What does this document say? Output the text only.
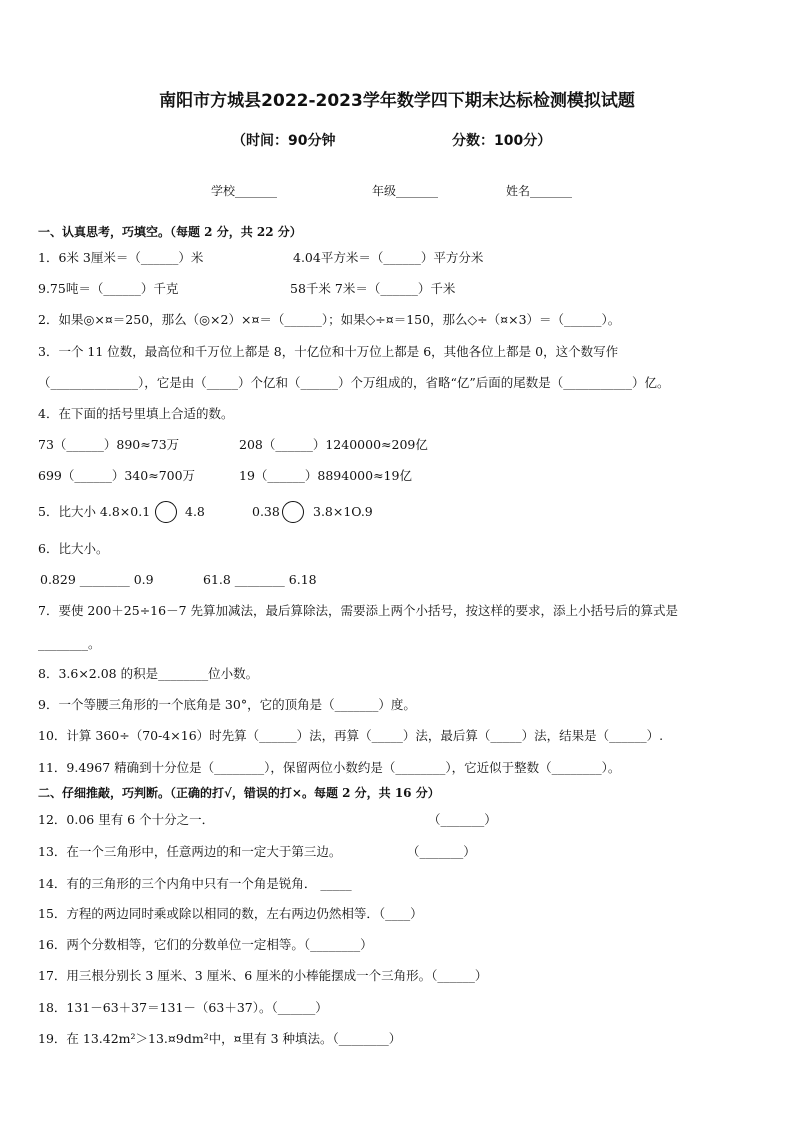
南阳市方城县2022-2023学年数学四下期末达标检测模拟试题
（时间：90分钟	分数：100分）
学校_______	年级_______	姓名_______
一、认真思考，巧填空。（每题 2 分，共 22 分）
1．6米 3厘米＝（______）米	4.04平方米＝（______）平方分米
9.75吨＝（______）千克	58千米 7米＝（______）千米
2．如果◎×¤＝250，那么（◎×2）×¤＝（______）；如果◇÷¤＝150，那么◇÷（¤×3）＝（______）。
3．一个 11 位数，最高位和千万位上都是 8，十亿位和十万位上都是 6，其他各位上都是 0，这个数写作
（______________），它是由（_____）个亿和（______）个万组成的，省略“亿”后面的尾数是（___________）亿。
4．在下面的括号里填上合适的数。
73（______）890≈73万	208（______）1240000≈209亿
699（______）340≈700万	19（______）8894000≈19亿
5．比大小 4.8×0.1	4.8	0.38	3.8×1O.9
6．比大小。
0.829 ________ 0.9	61.8 ________ 6.18
7．要使 200＋25÷16－7 先算加减法，最后算除法，需要添上两个小括号，按这样的要求，添上小括号后的算式是
________。
8．3.6×2.08 的积是________位小数。
9．一个等腰三角形的一个底角是 30°，它的顶角是（_______）度。
10．计算 360÷（70-4×16）时先算（______）法，再算（_____）法，最后算（_____）法，结果是（______）.
11．9.4967 精确到十分位是（________），保留两位小数约是（________），它近似于整数（________）。
二、仔细推敲，巧判断。（正确的打√，错误的打×。每题 2 分，共 16 分）
12．0.06 里有 6 个十分之一．	（_______）
13．在一个三角形中，任意两边的和一定大于第三边。	（_______）
14．有的三角形的三个内角中只有一个角是锐角． _____
15．方程的两边同时乘或除以相同的数，左右两边仍然相等．（____）
16．两个分数相等，它们的分数单位一定相等。（________）
17．用三根分别长 3 厘米、3 厘米、6 厘米的小棒能摆成一个三角形。（______）
18．131－63＋37＝131－（63＋37）。（______）
19．在 13.42m²＞13.¤9dm²中，¤里有 3 种填法。（________）
